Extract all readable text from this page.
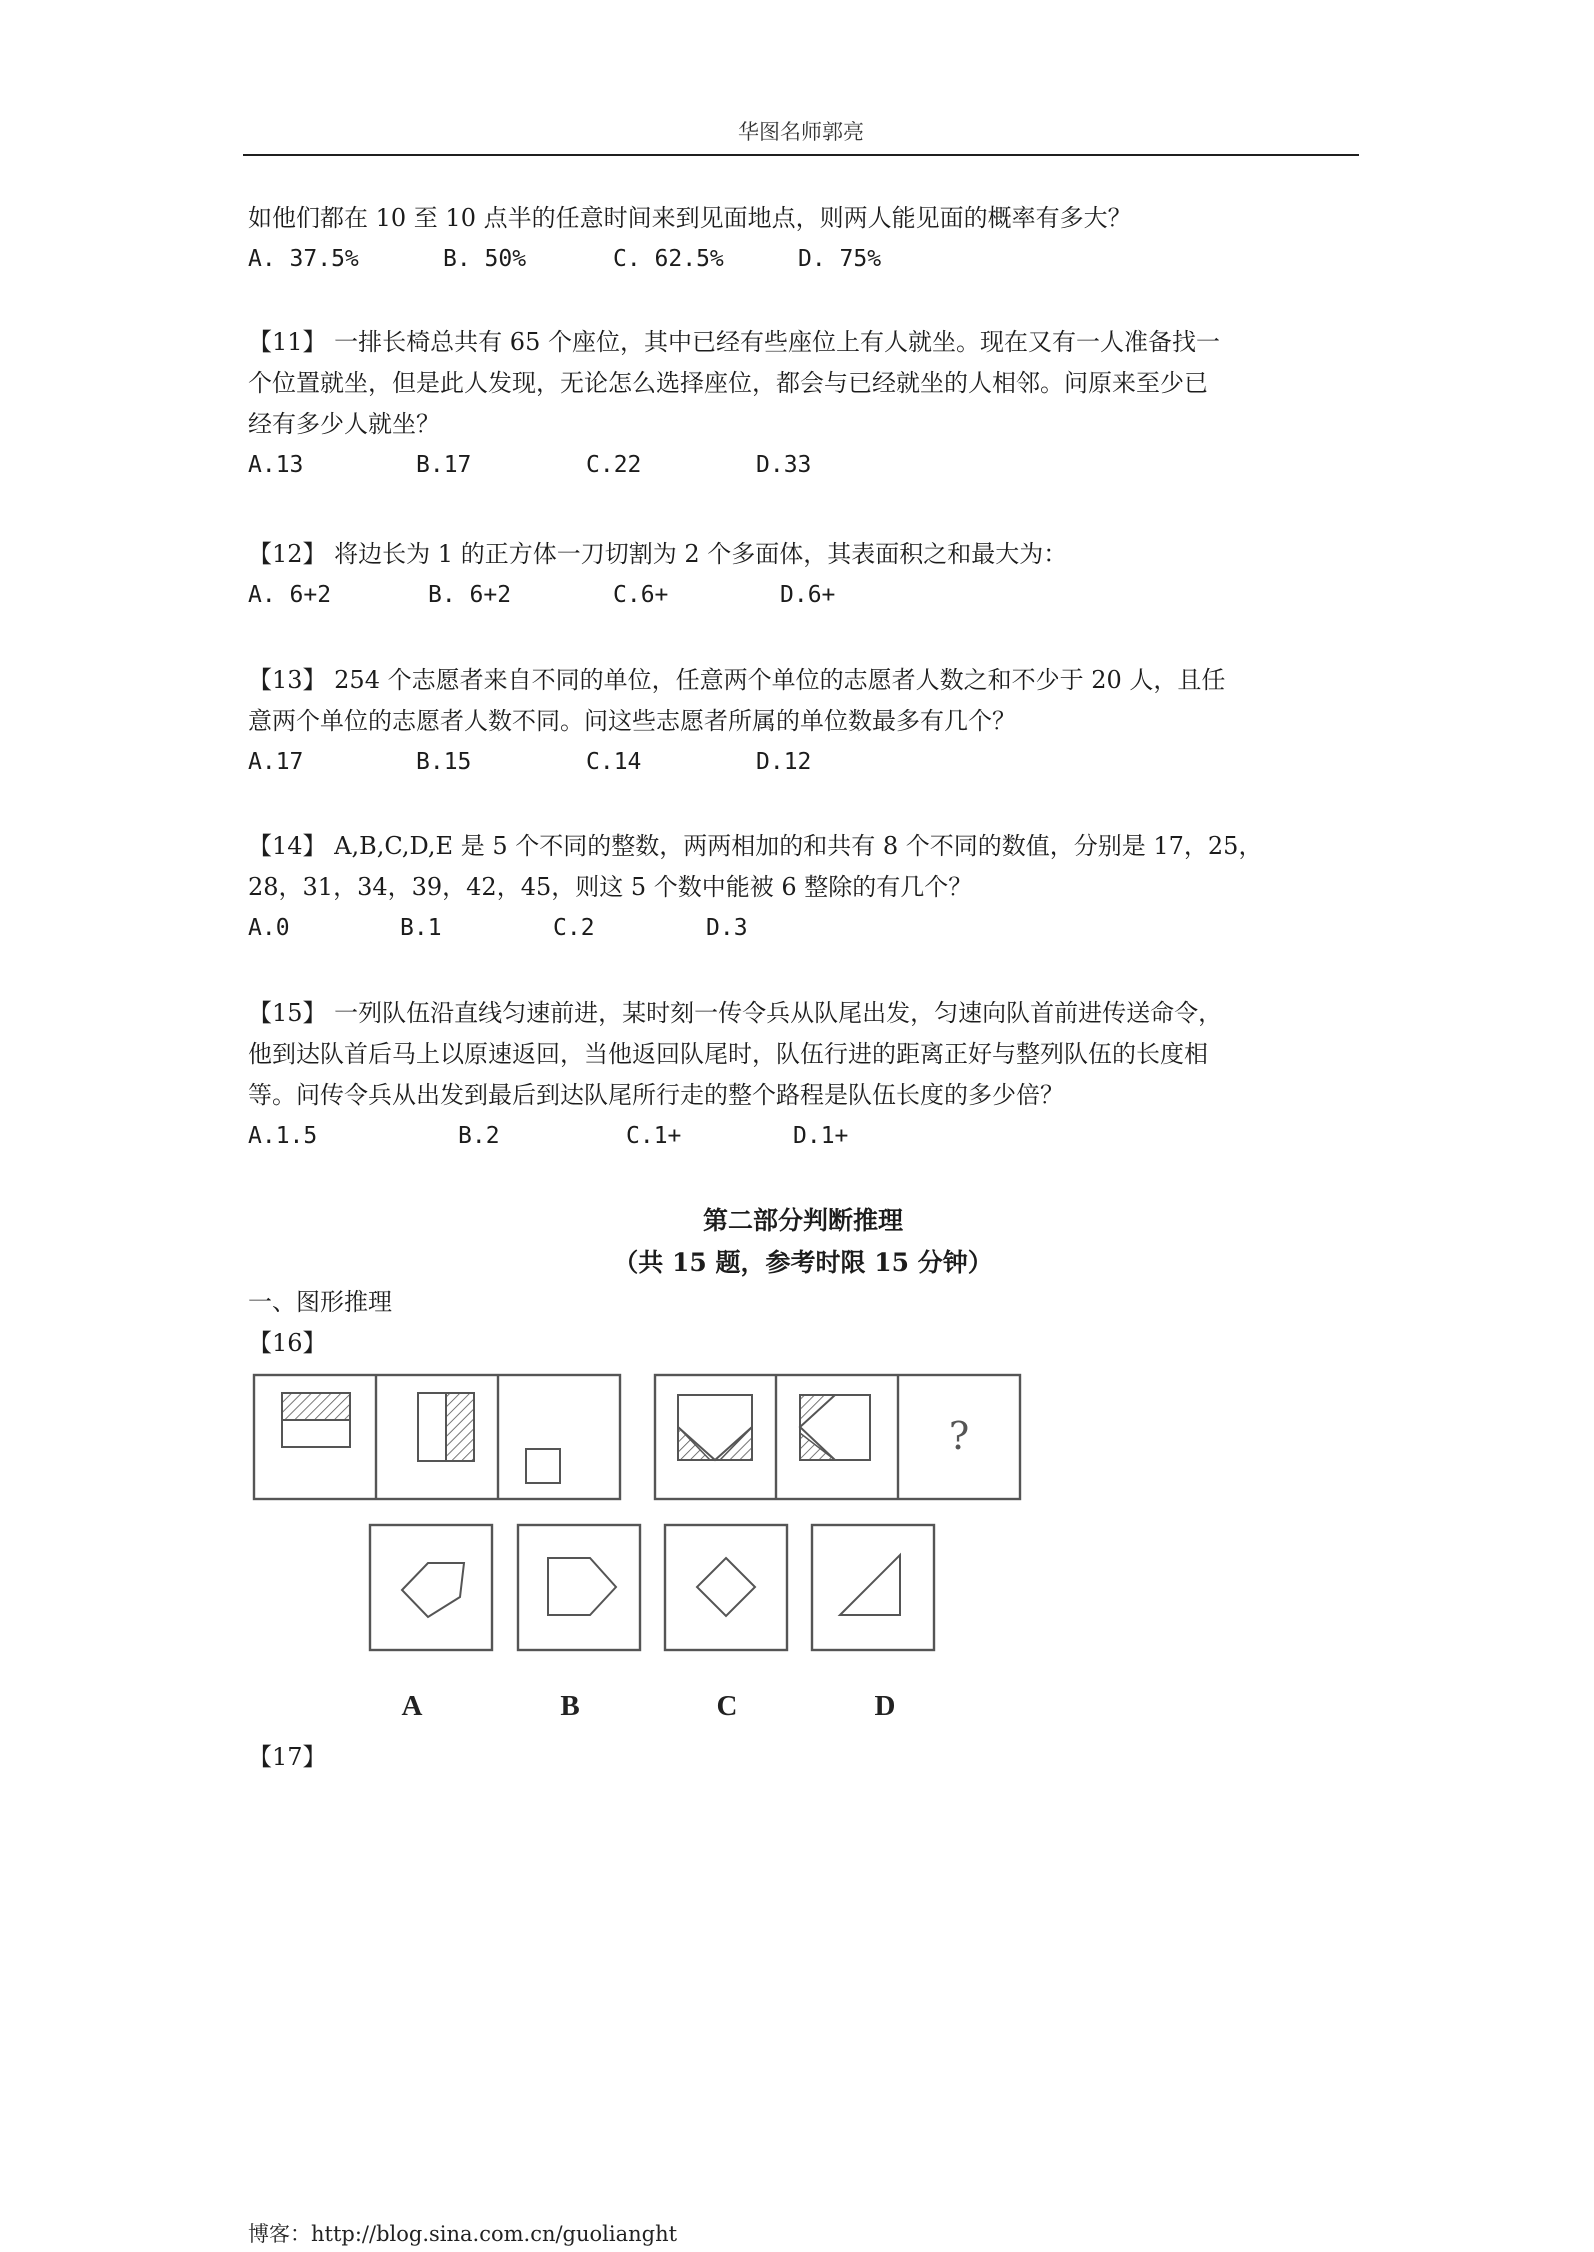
华图名师郭亮
如他们都在 10 至 10 点半的任意时间来到见面地点，则两人能见面的概率有多大？
A. 37.5%	B. 50%	C. 62.5%	D. 75%
【11】 一排长椅总共有 65 个座位，其中已经有些座位上有人就坐。现在又有一人准备找一
个位置就坐，但是此人发现，无论怎么选择座位，都会与已经就坐的人相邻。问原来至少已
经有多少人就坐？
A.13	B.17	C.22	D.33
【12】 将边长为 1 的正方体一刀切割为 2 个多面体，其表面积之和最大为：
A. 6+2	B. 6+2	C.6+	D.6+
【13】 254 个志愿者来自不同的单位，任意两个单位的志愿者人数之和不少于 20 人，且任
意两个单位的志愿者人数不同。问这些志愿者所属的单位数最多有几个？
A.17	B.15	C.14	D.12
【14】 A,B,C,D,E 是 5 个不同的整数，两两相加的和共有 8 个不同的数值，分别是 17，25，
28，31，34，39，42，45，则这 5 个数中能被 6 整除的有几个？
A.0	B.1	C.2	D.3
【15】 一列队伍沿直线匀速前进，某时刻一传令兵从队尾出发，匀速向队首前进传送命令，
他到达队首后马上以原速返回，当他返回队尾时，队伍行进的距离正好与整列队伍的长度相
等。问传令兵从出发到最后到达队尾所行走的整个路程是队伍长度的多少倍？
A.1.5	B.2	C.1+	D.1+
第二部分判断推理
（共 15 题，参考时限 15 分钟）
一、图形推理
【16】
?
A	B	C	D
【17】
博客：http://blog.sina.com.cn/guolianght
